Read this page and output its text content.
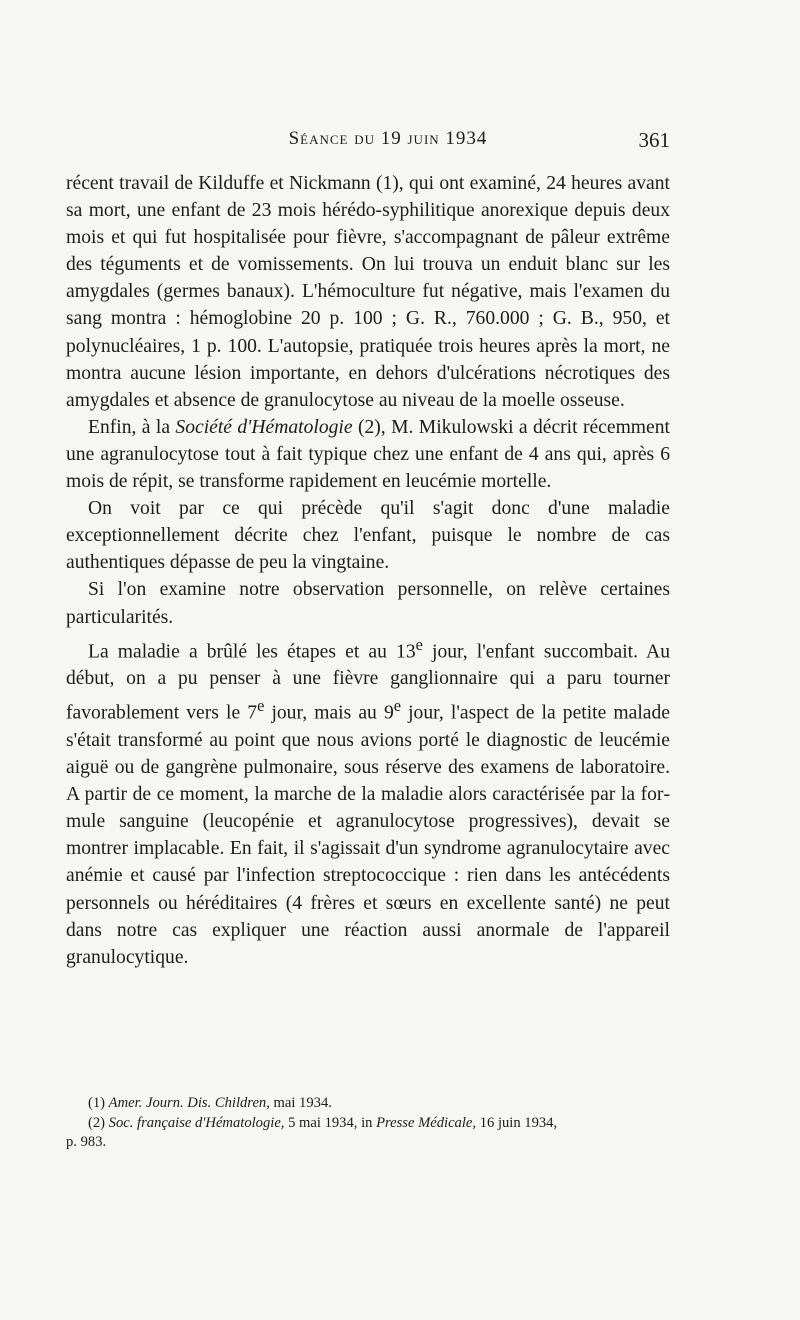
Séance du 19 juin 1934	361

récent travail de Kilduffe et Nickmann (1), qui ont examiné, 24 heures avant sa mort, une enfant de 23 mois hérédo-syphilitique anorexique depuis deux mois et qui fut hospitalisée pour fièvre, s'accompagnant de pâleur extrême des téguments et de vomissements. On lui trouva un enduit blanc sur les amygdales (germes banaux). L'hémoculture fut négative, mais l'examen du sang montra : hémoglobine 20 p. 100 ; G. R., 760.000 ; G. B., 950, et polynucléaires, 1 p. 100. L'autopsie, pratiquée trois heures après la mort, ne montra aucune lésion importante, en dehors d'ulcérations nécrotiques des amygdales et absence de granulocytose au niveau de la moelle osseuse.

Enfin, à la Société d'Hématologie (2), M. Mikulowski a décrit récemment une agranulocytose tout à fait typique chez une enfant de 4 ans qui, après 6 mois de répit, se transforme rapidement en leucémie mortelle.

On voit par ce qui précède qu'il s'agit donc d'une maladie exceptionnellement décrite chez l'enfant, puisque le nombre de cas authentiques dépasse de peu la vingtaine.

Si l'on examine notre observation personnelle, on relève certaines particularités.

La maladie a brûlé les étapes et au 13e jour, l'enfant succombait. Au début, on a pu penser à une fièvre ganglionnaire qui a paru tourner favorablement vers le 7e jour, mais au 9e jour, l'aspect de la petite malade s'était transformé au point que nous avions porté le diagnostic de leucémie aiguë ou de gangrène pulmonaire, sous réserve des examens de laboratoire. A partir de ce moment, la marche de la maladie alors caractérisée par la formule sanguine (leucopénie et agranulocytose progressives), devait se montrer implacable. En fait, il s'agissait d'un syndrome agranulocytaire avec anémie et causé par l'infection streptococcique : rien dans les antécédents personnels ou héréditaires (4 frères et sœurs en excellente santé) ne peut dans notre cas expliquer une réaction aussi anormale de l'appareil granulocytique.

(1) Amer. Journ. Dis. Children, mai 1934.

(2) Soc. française d'Hématologie, 5 mai 1934, in Presse Médicale, 16 juin 1934,

p. 983.
